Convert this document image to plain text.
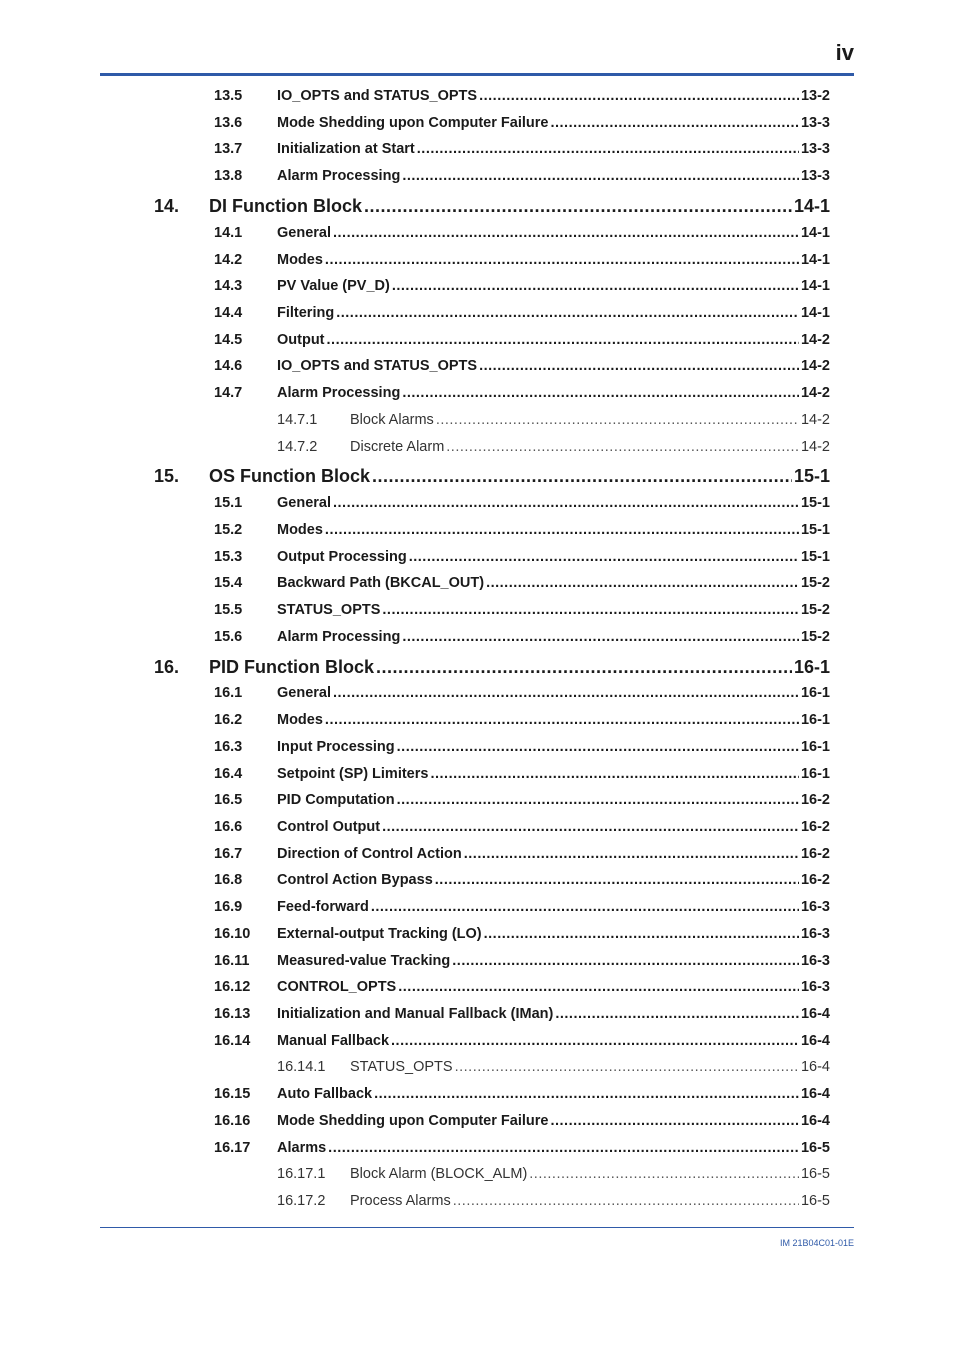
iv
13.5 IO_OPTS and STATUS_OPTS .....	13-2
13.6 Mode Shedding upon Computer Failure .....	13-3
13.7 Initialization at Start .....	13-3
13.8 Alarm Processing .....	13-3
14. DI Function Block .....	14-1
14.1 General .....	14-1
14.2 Modes .....	14-1
14.3 PV Value (PV_D) .....	14-1
14.4 Filtering .....	14-1
14.5 Output .....	14-2
14.6 IO_OPTS and STATUS_OPTS .....	14-2
14.7 Alarm Processing .....	14-2
14.7.1 Block Alarms .....	14-2
14.7.2 Discrete Alarm .....	14-2
15. OS Function Block .....	15-1
15.1 General .....	15-1
15.2 Modes .....	15-1
15.3 Output Processing .....	15-1
15.4 Backward Path (BKCAL_OUT) .....	15-2
15.5 STATUS_OPTS .....	15-2
15.6 Alarm Processing .....	15-2
16. PID Function Block .....	16-1
16.1 General .....	16-1
16.2 Modes .....	16-1
16.3 Input Processing .....	16-1
16.4 Setpoint (SP) Limiters .....	16-1
16.5 PID Computation .....	16-2
16.6 Control Output .....	16-2
16.7 Direction of Control Action .....	16-2
16.8 Control Action Bypass .....	16-2
16.9 Feed-forward .....	16-3
16.10 External-output Tracking (LO) .....	16-3
16.11 Measured-value Tracking .....	16-3
16.12 CONTROL_OPTS .....	16-3
16.13 Initialization and Manual Fallback (IMan) .....	16-4
16.14 Manual Fallback .....	16-4
16.14.1 STATUS_OPTS .....	16-4
16.15 Auto Fallback .....	16-4
16.16 Mode Shedding upon Computer Failure .....	16-4
16.17 Alarms .....	16-5
16.17.1 Block Alarm (BLOCK_ALM) .....	16-5
16.17.2 Process Alarms .....	16-5
IM 21B04C01-01E
